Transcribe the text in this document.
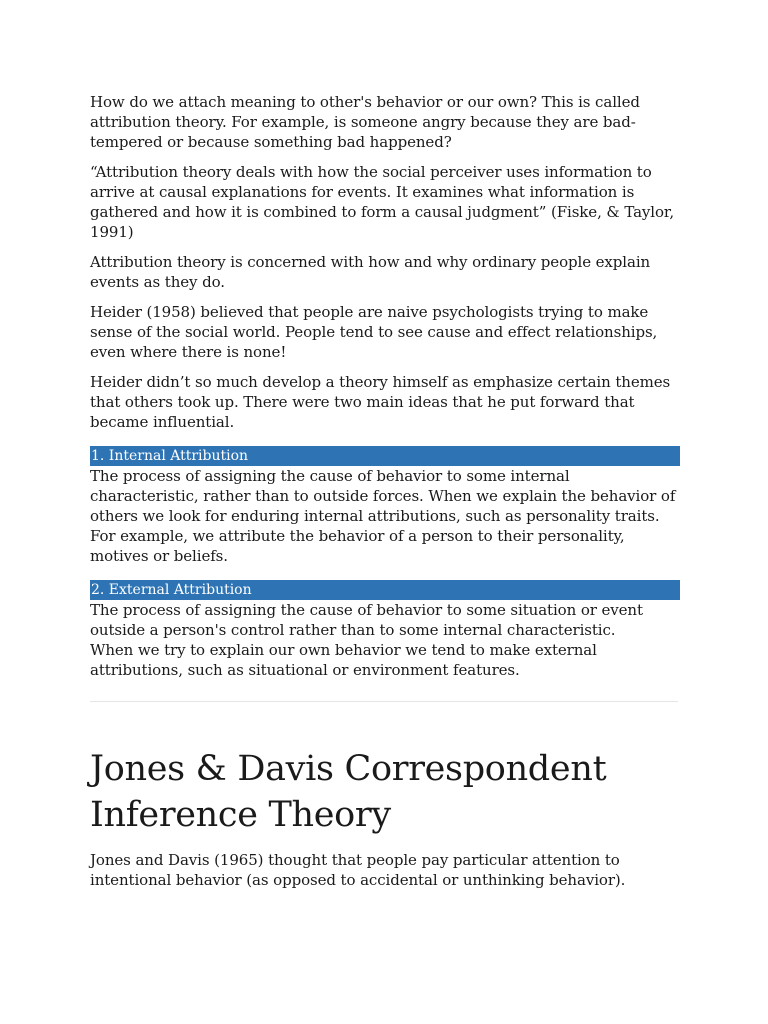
How do we attach meaning to other's behavior or our own? This is called attribution theory. For example, is someone angry because they are bad-tempered or because something bad happened?

“Attribution theory deals with how the social perceiver uses information to arrive at causal explanations for events. It examines what information is gathered and how it is combined to form a causal judgment” (Fiske, & Taylor, 1991)

Attribution theory is concerned with how and why ordinary people explain events as they do.

Heider (1958) believed that people are naive psychologists trying to make sense of the social world. People tend to see cause and effect relationships, even where there is none!

Heider didn’t so much develop a theory himself as emphasize certain themes that others took up. There were two main ideas that he put forward that became influential.

1. Internal Attribution

The process of assigning the cause of behavior to some internal characteristic, rather than to outside forces. When we explain the behavior of others we look for enduring internal attributions, such as personality traits.

For example, we attribute the behavior of a person to their personality, motives or beliefs.

2. External Attribution

The process of assigning the cause of behavior to some situation or event outside a person's control rather than to some internal characteristic.

When we try to explain our own behavior we tend to make external attributions, such as situational or environment features.

Jones & Davis Correspondent Inference Theory

Jones and Davis (1965) thought that people pay particular attention to intentional behavior (as opposed to accidental or unthinking behavior).
